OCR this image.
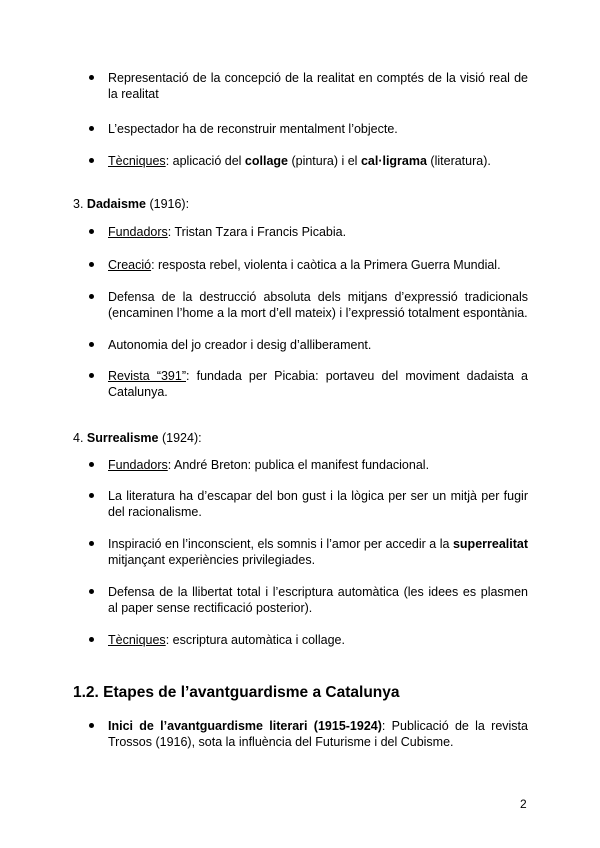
Representació de la concepció de la realitat en comptés de la visió real de la realitat
L’espectador ha de reconstruir mentalment l’objecte.
Tècniques: aplicació del collage (pintura) i el cal·ligrama (literatura).
3. Dadaisme (1916):
Fundadors: Tristan Tzara i Francis Picabia.
Creació: resposta rebel, violenta i caòtica a la Primera Guerra Mundial.
Defensa de la destrucció absoluta dels mitjans d’expressió tradicionals (encaminen l’home a la mort d’ell mateix) i l’expressió totalment espontània.
Autonomia del jo creador i desig d’alliberament.
Revista “391”: fundada per Picabia: portaveu del moviment dadaista a Catalunya.
4. Surrealisme (1924):
Fundadors: André Breton: publica el manifest fundacional.
La literatura ha d’escapar del bon gust i la lògica per ser un mitjà per fugir del racionalisme.
Inspiració en l’inconscient, els somnis i l’amor per accedir a la superrealitat mitjançant experiències privilegiades.
Defensa de la llibertat total i l’escriptura automàtica (les idees es plasmen al paper sense rectificació posterior).
Tècniques: escriptura automàtica i collage.
1.2. Etapes de l’avantguardisme a Catalunya
Inici de l’avantguardisme literari (1915-1924): Publicació de la revista Trossos (1916), sota la influència del Futurisme i del Cubisme.
2
